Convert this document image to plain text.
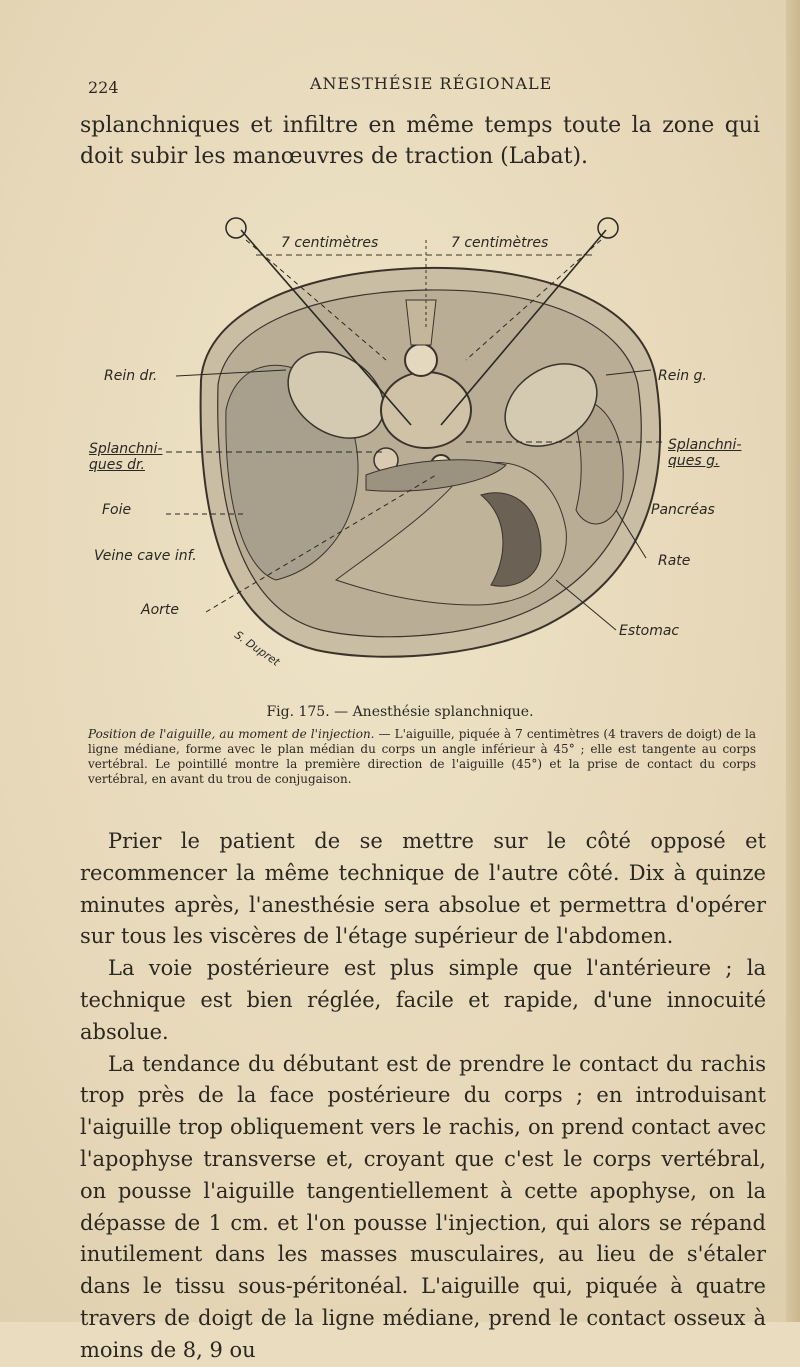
224	ANESTHÉSIE RÉGIONALE

splanchniques et infiltre en même temps toute la zone qui doit subir les manœuvres de traction (Labat).

7 centimètres	7 centimètres
Rein dr.	Rein g.
Splanchni-ques dr.
Splanchni-ques g.
Foie	Pancréas
Veine cave inf.	Rate
Aorte
Estomac
S. Dupret
Fig. 175. — Anesthésie splanchnique.

Position de l'aiguille, au moment de l'injection. — L'aiguille, piquée à 7 centimètres (4 travers de doigt) de la ligne médiane, forme avec le plan médian du corps un angle inférieur à 45° ; elle est tangente au corps vertébral. Le pointillé montre la première direction de l'aiguille (45°) et la prise de contact du corps vertébral, en avant du trou de conjugaison.

Prier le patient de se mettre sur le côté opposé et recommencer la même technique de l'autre côté. Dix à quinze minutes après, l'anesthésie sera absolue et permettra d'opérer sur tous les viscères de l'étage supérieur de l'abdomen.

La voie postérieure est plus simple que l'antérieure ; la technique est bien réglée, facile et rapide, d'une innocuité absolue.

La tendance du débutant est de prendre le contact du rachis trop près de la face postérieure du corps ; en introduisant l'aiguille trop obliquement vers le rachis, on prend contact avec l'apophyse transverse et, croyant que c'est le corps vertébral, on pousse l'aiguille tangentiellement à cette apophyse, on la dépasse de 1 cm. et l'on pousse l'injection, qui alors se répand inutilement dans les masses musculaires, au lieu de s'étaler dans le tissu sous-péritonéal. L'aiguille qui, piquée à quatre travers de doigt de la ligne médiane, prend le contact osseux à moins de 8, 9 ou
